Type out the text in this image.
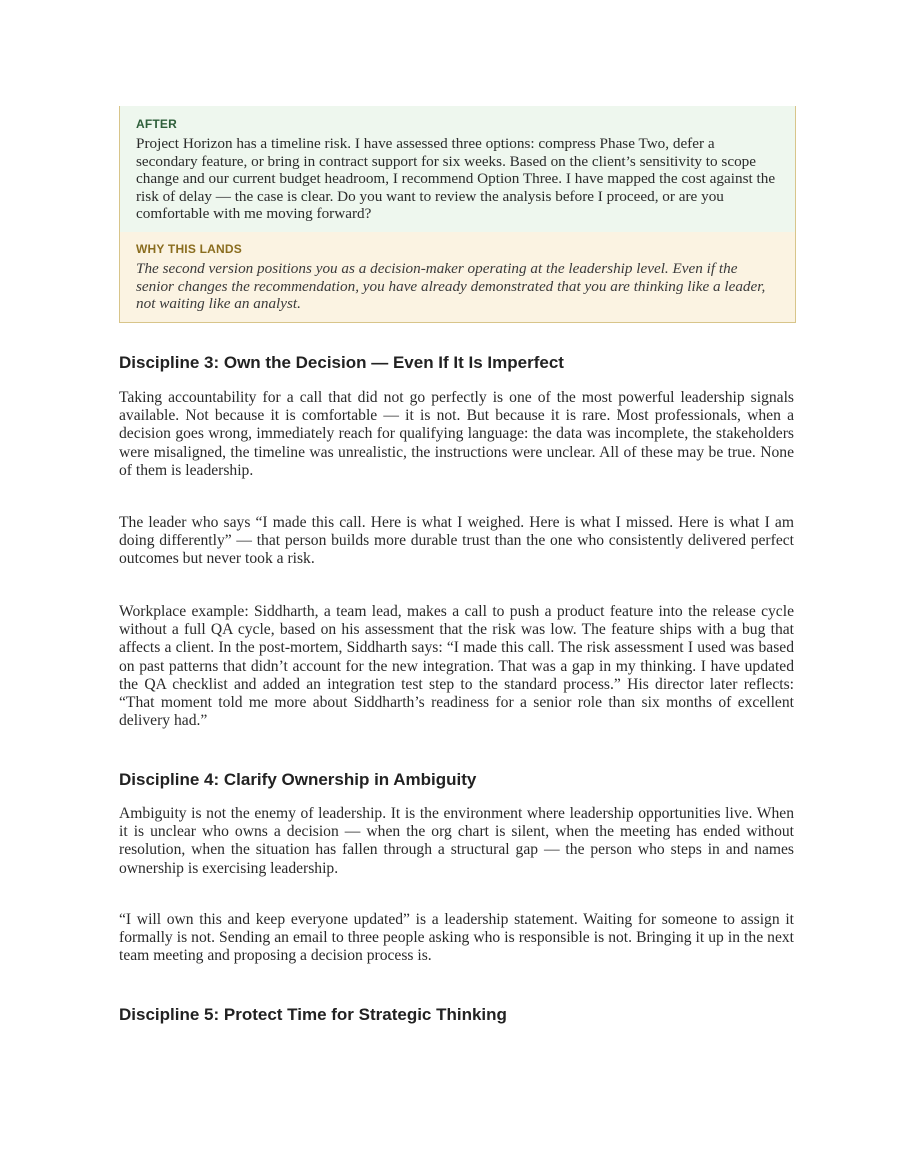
AFTER

Project Horizon has a timeline risk. I have assessed three options: compress Phase Two, defer a secondary feature, or bring in contract support for six weeks. Based on the client’s sensitivity to scope change and our current budget headroom, I recommend Option Three. I have mapped the cost against the risk of delay — the case is clear. Do you want to review the analysis before I proceed, or are you comfortable with me moving forward?

WHY THIS LANDS

The second version positions you as a decision-maker operating at the leadership level. Even if the senior changes the recommendation, you have already demonstrated that you are thinking like a leader, not waiting like an analyst.

Discipline 3: Own the Decision — Even If It Is Imperfect

Taking accountability for a call that did not go perfectly is one of the most powerful leadership signals available. Not because it is comfortable — it is not. But because it is rare. Most professionals, when a decision goes wrong, immediately reach for qualifying language: the data was incomplete, the stakeholders were misaligned, the timeline was unrealistic, the instructions were unclear. All of these may be true. None of them is leadership.

The leader who says “I made this call. Here is what I weighed. Here is what I missed. Here is what I am doing differently” — that person builds more durable trust than the one who consistently delivered perfect outcomes but never took a risk.

Workplace example: Siddharth, a team lead, makes a call to push a product feature into the release cycle without a full QA cycle, based on his assessment that the risk was low. The feature ships with a bug that affects a client. In the post-mortem, Siddharth says: “I made this call. The risk assessment I used was based on past patterns that didn’t account for the new integration. That was a gap in my thinking. I have updated the QA checklist and added an integration test step to the standard process.” His director later reflects: “That moment told me more about Siddharth’s readiness for a senior role than six months of excellent delivery had.”

Discipline 4: Clarify Ownership in Ambiguity

Ambiguity is not the enemy of leadership. It is the environment where leadership opportunities live. When it is unclear who owns a decision — when the org chart is silent, when the meeting has ended without resolution, when the situation has fallen through a structural gap — the person who steps in and names ownership is exercising leadership.

“I will own this and keep everyone updated” is a leadership statement. Waiting for someone to assign it formally is not. Sending an email to three people asking who is responsible is not. Bringing it up in the next team meeting and proposing a decision process is.

Discipline 5: Protect Time for Strategic Thinking
